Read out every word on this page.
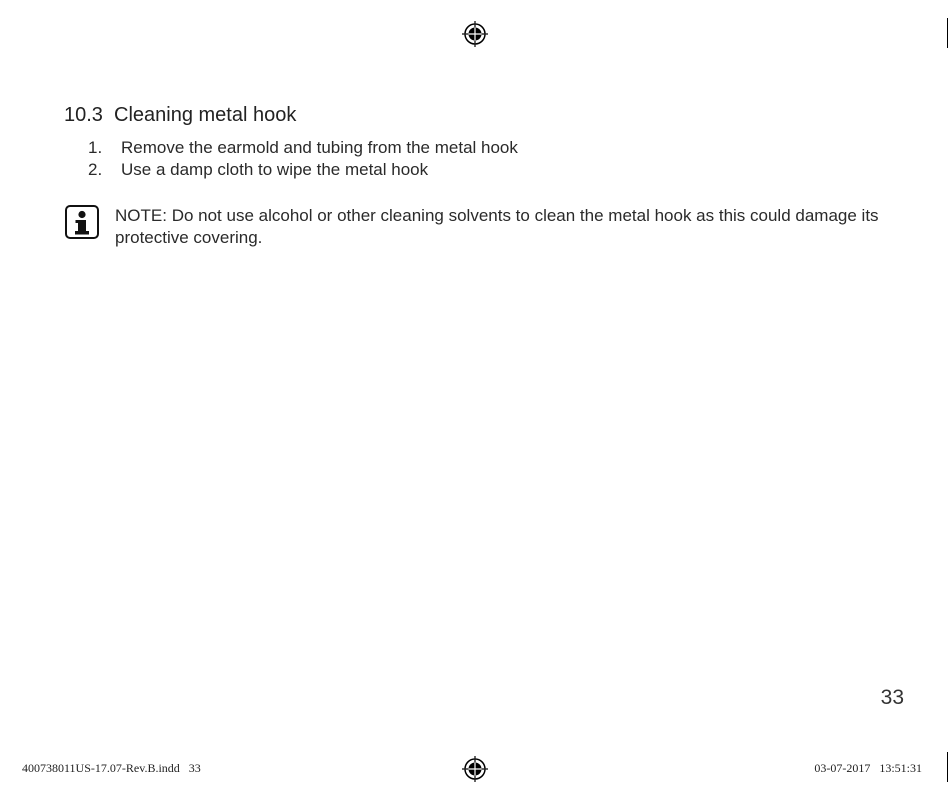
10.3 Cleaning metal hook
1. Remove the earmold and tubing from the metal hook
2. Use a damp cloth to wipe the metal hook
NOTE: Do not use alcohol or other cleaning solvents to clean the metal hook as this could damage its protective covering.
33
400738011US-17.07-Rev.B.indd   33	03-07-2017 13:51:31
